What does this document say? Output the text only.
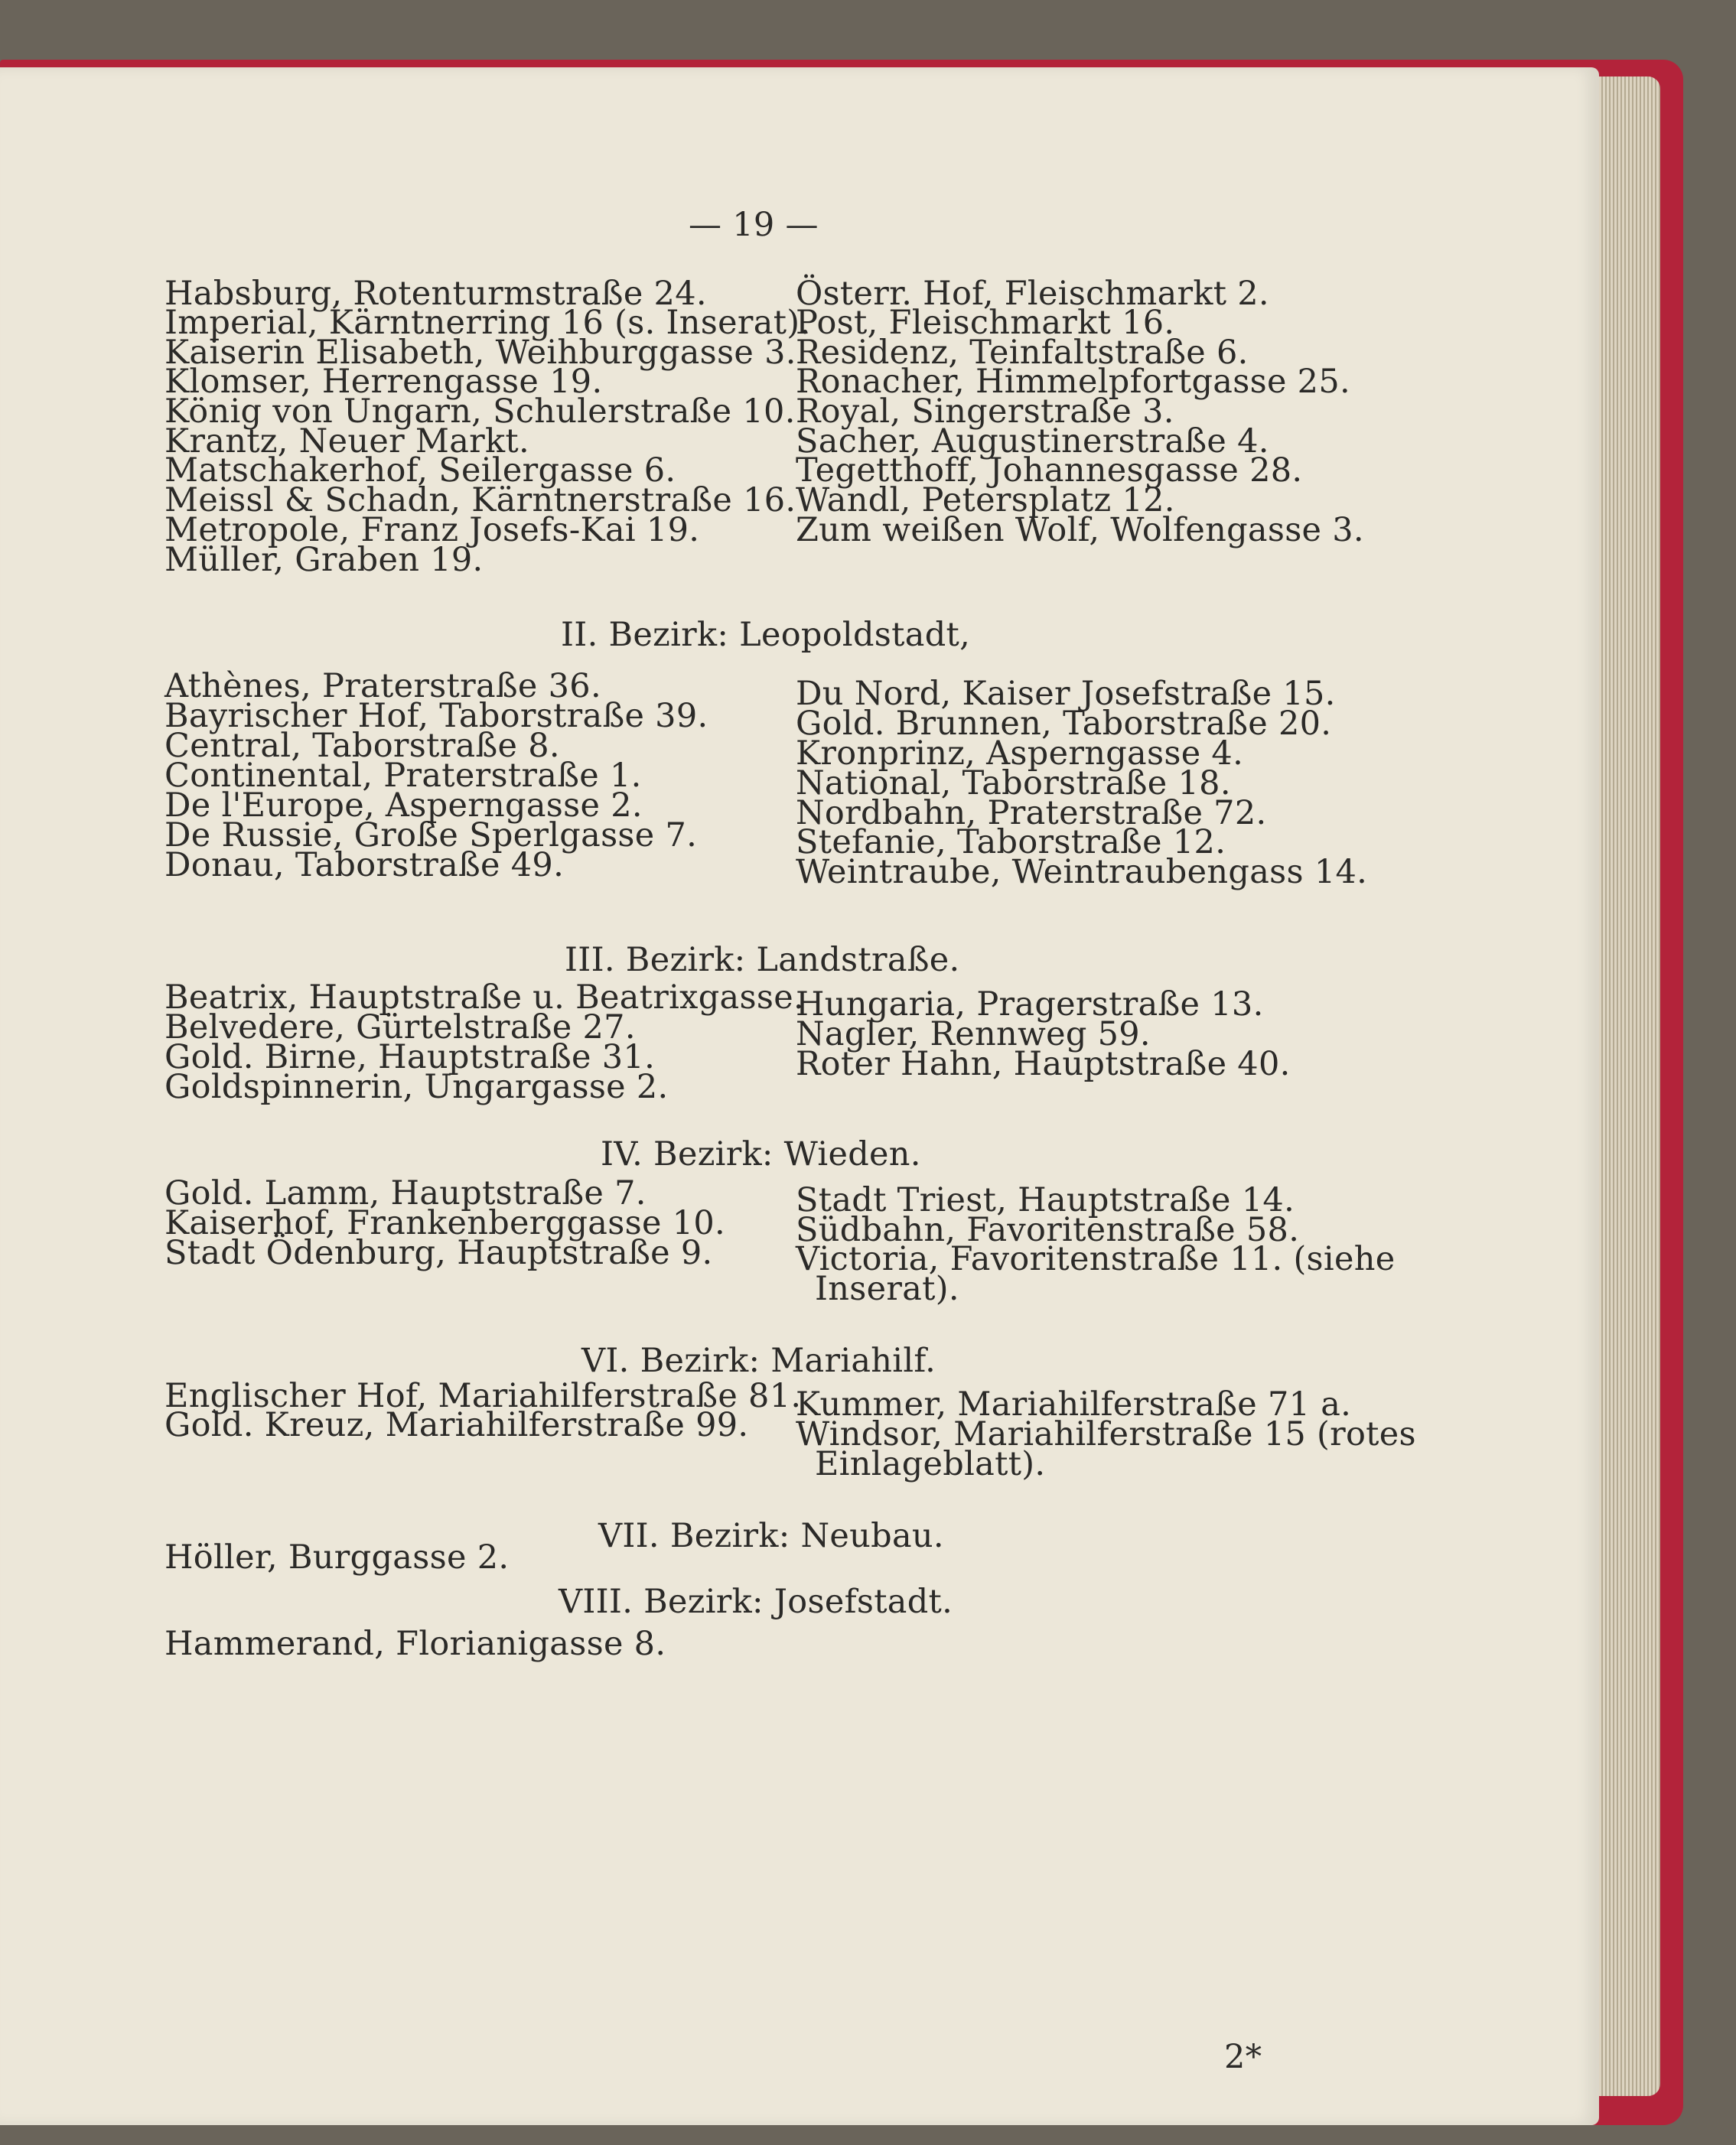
— 19 —
Habsburg, Rotenturmstraße 24.
Imperial, Kärntnerring 16 (s. Inserat).
Kaiserin Elisabeth, Weihburggasse 3.
Klomser, Herrengasse 19.
König von Ungarn, Schulerstraße 10.
Krantz, Neuer Markt.
Matschakerhof, Seilergasse 6.
Meissl & Schadn, Kärntnerstraße 16.
Metropole, Franz Josefs-Kai 19.
Müller, Graben 19.
Österr. Hof, Fleischmarkt 2.
Post, Fleischmarkt 16.
Residenz, Teinfaltstraße 6.
Ronacher, Himmelpfortgasse 25.
Royal, Singerstraße 3.
Sacher, Augustinerstraße 4.
Tegetthoff, Johannesgasse 28.
Wandl, Petersplatz 12.
Zum weißen Wolf, Wolfengasse 3.
II. Bezirk: Leopoldstadt,
Athènes, Praterstraße 36.
Bayrischer Hof, Taborstraße 39.
Central, Taborstraße 8.
Continental, Praterstraße 1.
De l'Europe, Asperngasse 2.
De Russie, Große Sperlgasse 7.
Donau, Taborstraße 49.
Du Nord, Kaiser Josefstraße 15.
Gold. Brunnen, Taborstraße 20.
Kronprinz, Asperngasse 4.
National, Taborstraße 18.
Nordbahn, Praterstraße 72.
Stefanie, Taborstraße 12.
Weintraube, Weintraubengass 14.
III. Bezirk: Landstraße.
Beatrix, Hauptstraße u. Beatrixgasse.
Belvedere, Gürtelstraße 27.
Gold. Birne, Hauptstraße 31.
Goldspinnerin, Ungargasse 2.
Hungaria, Pragerstraße 13.
Nagler, Rennweg 59.
Roter Hahn, Hauptstraße 40.
IV. Bezirk: Wieden.
Gold. Lamm, Hauptstraße 7.
Kaiserhof, Frankenberggasse 10.
Stadt Ödenburg, Hauptstraße 9.
Stadt Triest, Hauptstraße 14.
Südbahn, Favoritenstraße 58.
Victoria, Favoritenstraße 11. (siehe
Inserat).
VI. Bezirk: Mariahilf.
Englischer Hof, Mariahilferstraße 81.
Gold. Kreuz, Mariahilferstraße 99.
Kummer, Mariahilferstraße 71 a.
Windsor, Mariahilferstraße 15 (rotes
Einlageblatt).
VII. Bezirk: Neubau.
Höller, Burggasse 2.
VIII. Bezirk: Josefstadt.
Hammerand, Florianigasse 8.
2*
